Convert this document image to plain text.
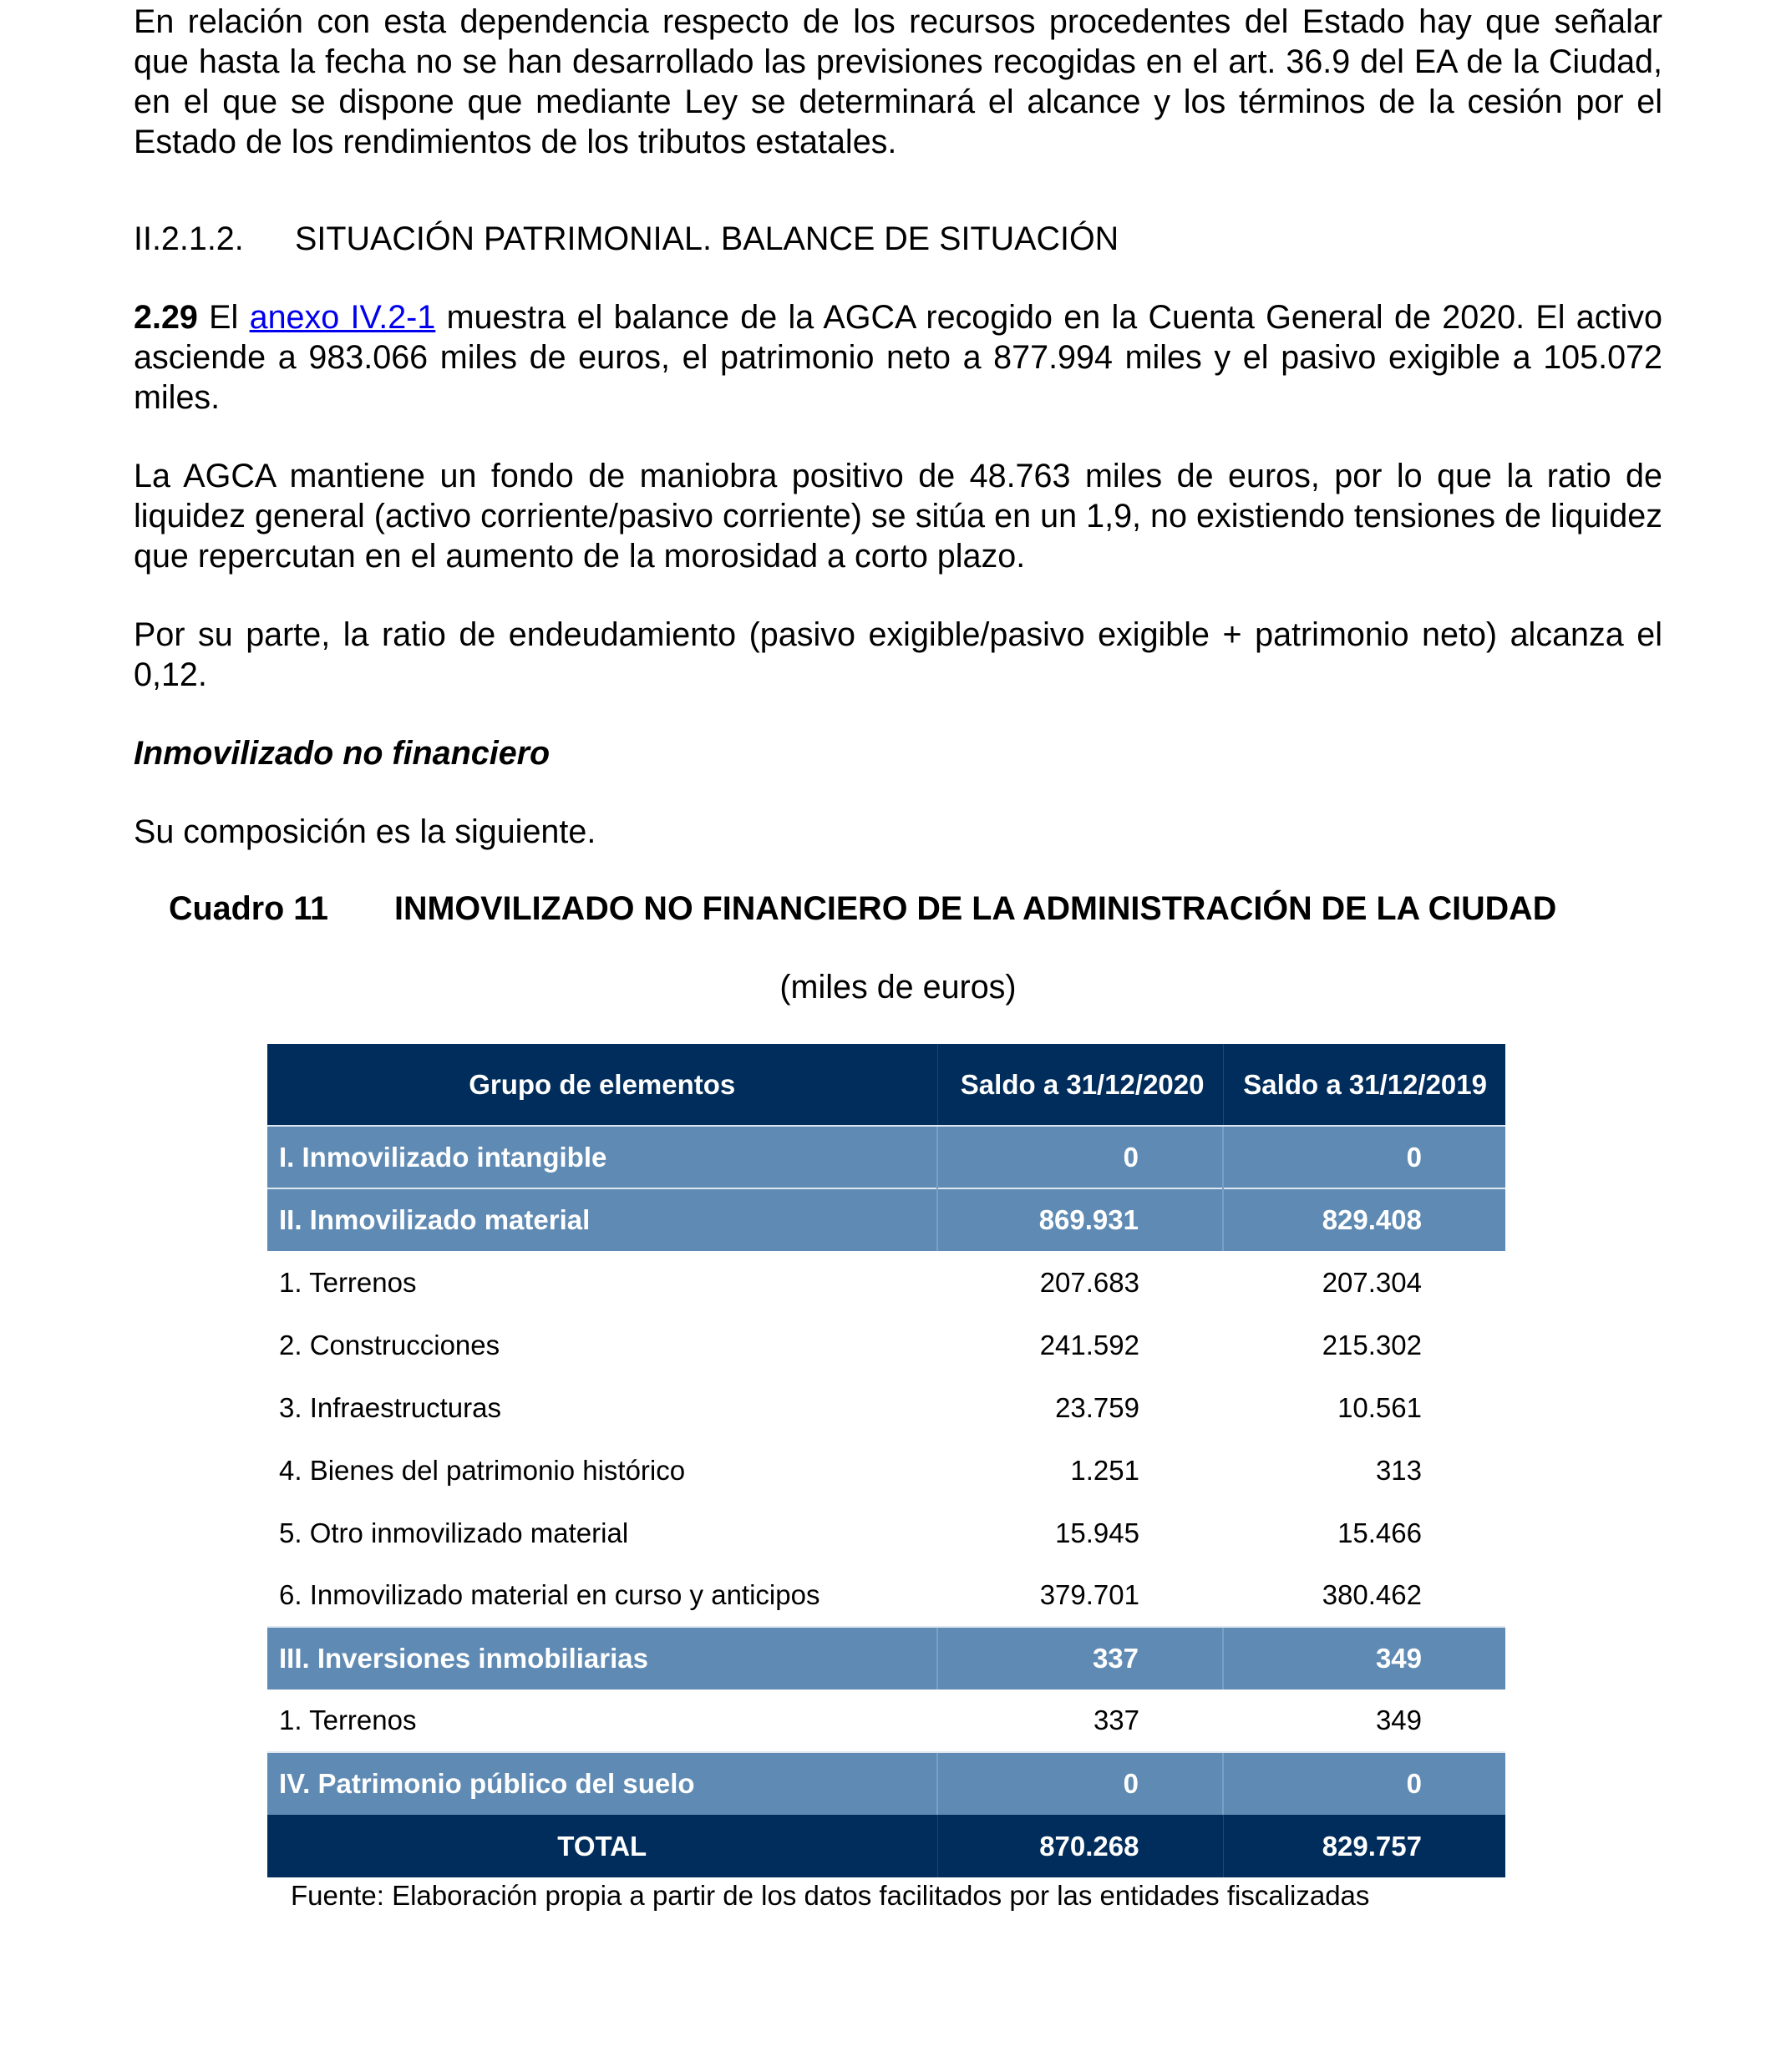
En relación con esta dependencia respecto de los recursos procedentes del Estado hay que señalar que hasta la fecha no se han desarrollado las previsiones recogidas en el art. 36.9 del EA de la Ciudad, en el que se dispone que mediante Ley se determinará el alcance y los términos de la cesión por el Estado de los rendimientos de los tributos estatales.

II.2.1.2. SITUACIÓN PATRIMONIAL. BALANCE DE SITUACIÓN

2.29 El anexo IV.2-1 muestra el balance de la AGCA recogido en la Cuenta General de 2020. El activo asciende a 983.066 miles de euros, el patrimonio neto a 877.994 miles y el pasivo exigible a 105.072 miles.

La AGCA mantiene un fondo de maniobra positivo de 48.763 miles de euros, por lo que la ratio de liquidez general (activo corriente/pasivo corriente) se sitúa en un 1,9, no existiendo tensiones de liquidez que repercutan en el aumento de la morosidad a corto plazo.

Por su parte, la ratio de endeudamiento (pasivo exigible/pasivo exigible + patrimonio neto) alcanza el 0,12.

Inmovilizado no financiero

Su composición es la siguiente.

Cuadro 11 INMOVILIZADO NO FINANCIERO DE LA ADMINISTRACIÓN DE LA CIUDAD
(miles de euros)
Grupo de elementos	Saldo a 31/12/2020	Saldo a 31/12/2019
I. Inmovilizado intangible	0	0
II. Inmovilizado material	869.931	829.408
1. Terrenos	207.683	207.304
2. Construcciones	241.592	215.302
3. Infraestructuras	23.759	10.561
4. Bienes del patrimonio histórico	1.251	313
5. Otro inmovilizado material	15.945	15.466
6. Inmovilizado material en curso y anticipos	379.701	380.462
III. Inversiones inmobiliarias	337	349
1. Terrenos	337	349
IV. Patrimonio público del suelo	0	0
TOTAL	870.268	829.757
Fuente: Elaboración propia a partir de los datos facilitados por las entidades fiscalizadas
